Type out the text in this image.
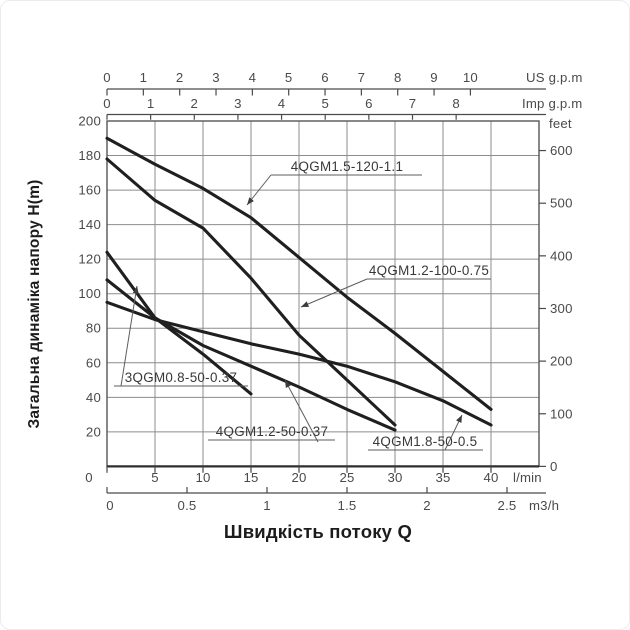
0 1 2 3 4 5 6 7 8 9 10	US g.p.m
0	1	2	3	4	5	6	7	8	Imp g.p.m
200
180
160
140
120
100
80
60
40
20
600
500
400
300
200
100
0
feet
0	5	10 15 20 25 30 35 40 l/min
0	0.5	1	1.5	2	2.5 m3/h
4QGM1.5-120-1.1
4QGM1.2-100-0.75
3QGM0.8-50-0.37
4QGM1.2-50-0.37
4QGM1.8-50-0.5
Швидкість потоку Q
Загальна динаміка напору H(m)
